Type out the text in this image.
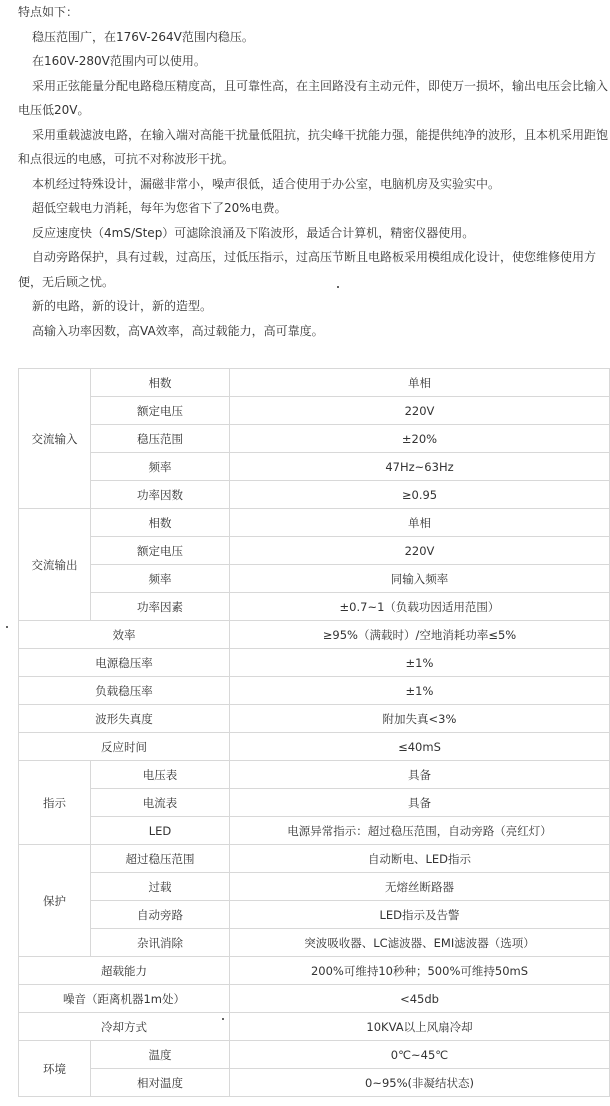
特点如下：

稳压范围广，在176V-264V范围内稳压。

在160V-280V范围内可以使用。

采用正弦能量分配电路稳压精度高，且可靠性高，在主回路没有主动元件，即使万一损坏，输出电压会比输入

电压低20V。

采用重载滤波电路，在输入端对高能干扰量低阻抗，抗尖峰干扰能力强，能提供纯净的波形，且本机采用距饱

和点很远的电感，可抗不对称波形干扰。

本机经过特殊设计，漏磁非常小，噪声很低，适合使用于办公室，电脑机房及实验实中。

超低空载电力消耗，每年为您省下了20%电费。

反应速度快（4mS/Step）可滤除浪涌及下陷波形，最适合计算机，精密仪器使用。

自动旁路保护，具有过载，过高压，过低压指示，过高压节断且电路板采用模组成化设计，使您维修使用方

便，无后顾之忧。

新的电路，新的设计，新的造型。

高输入功率因数，高VA效率，高过载能力，高可靠度。

交流输入	相数	单相
	额定电压	220V
	稳压范围	±20%
	频率	47Hz~63Hz
	功率因数	≥0.95
交流输出	相数	单相
	额定电压	220V
	频率	同输入频率
	功率因素	±0.7~1（负载功因适用范围）
效率		≥95%（满载时）/空地消耗功率≤5%
电源稳压率		±1%
负载稳压率		±1%
波形失真度		附加失真<3%
反应时间		≤40mS
指示	电压表	具备
	电流表	具备
	LED	电源异常指示：超过稳压范围，自动旁路（亮红灯）
保护	超过稳压范围	自动断电、LED指示
	过载	无熔丝断路器
	自动旁路	LED指示及告警
	杂讯消除	突波吸收器、LC滤波器、EMI滤波器（选项）
超载能力		200%可维持10秒种；500%可维持50mS
噪音（距离机器1m处）		<45db
冷却方式		10KVA以上风扇冷却
环境	温度	0℃~45℃
	相对温度	0~95%(非凝结状态)
